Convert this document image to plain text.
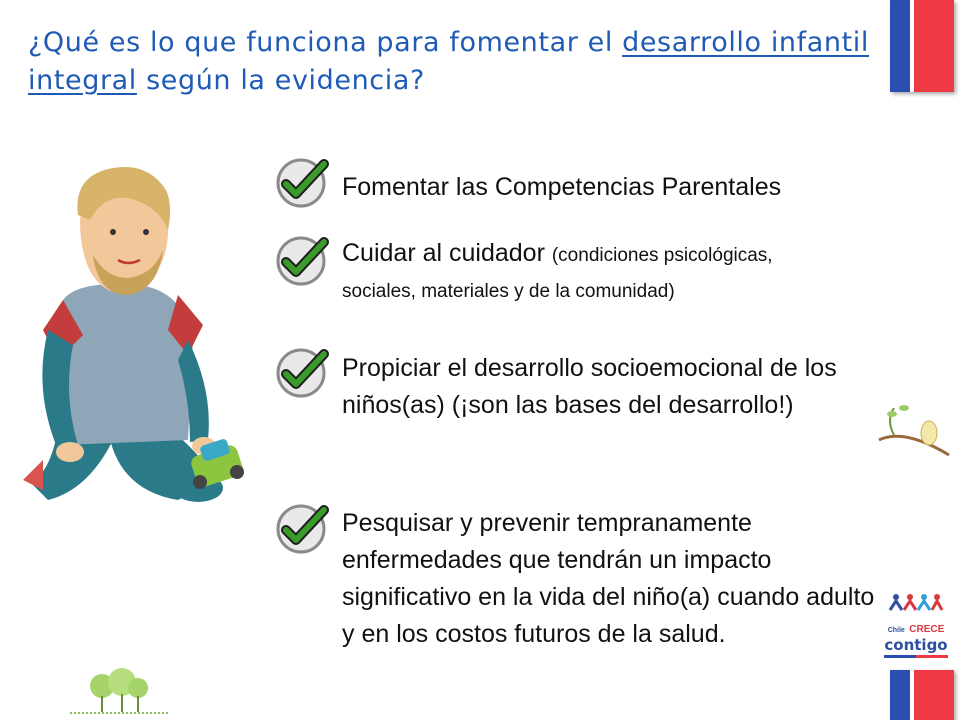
¿Qué es lo que funciona para fomentar el desarrollo infantil integral según la evidencia?
Fomentar las Competencias Parentales
Cuidar al cuidador (condiciones psicológicas, sociales, materiales y de la comunidad)
Propiciar el desarrollo socioemocional de los niños(as) (¡son las bases del desarrollo!)
Pesquisar y prevenir tempranamente enfermedades que tendrán un impacto significativo en la vida del niño(a) cuando adulto y en los costos futuros de la salud.	Chile CRECE
contigo
